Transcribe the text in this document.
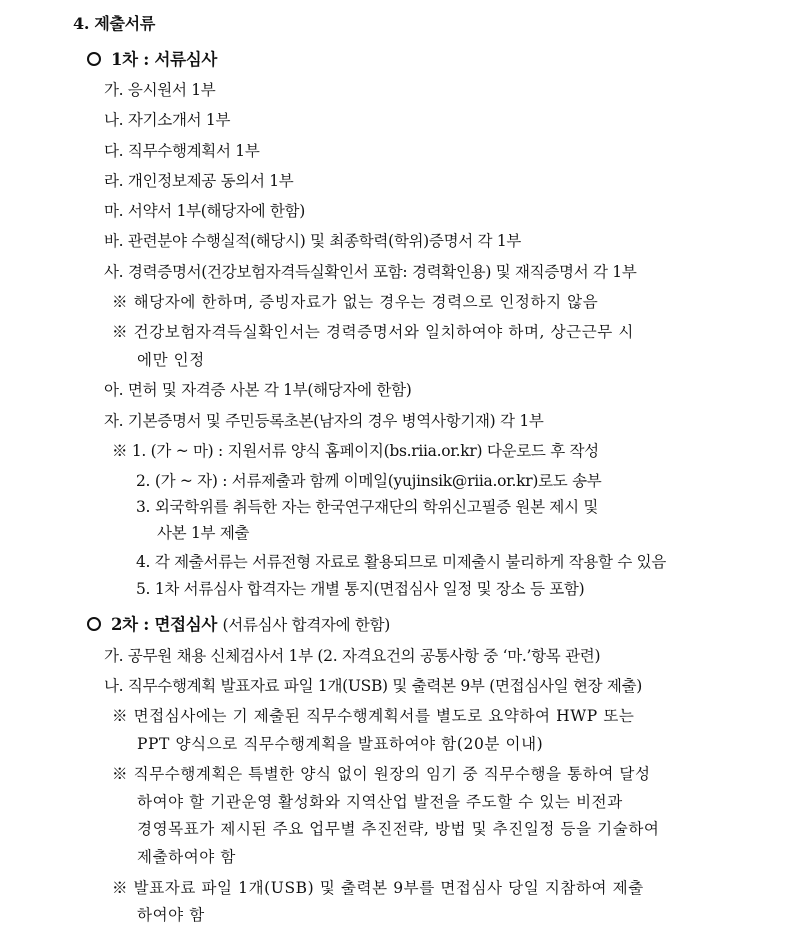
4. 제출서류
1차 : 서류심사
가. 응시원서 1부
나. 자기소개서 1부
다. 직무수행계획서 1부
라. 개인정보제공 동의서 1부
마. 서약서 1부(해당자에 한함)
바. 관련분야 수행실적(해당시) 및 최종학력(학위)증명서 각 1부
사. 경력증명서(건강보험자격득실확인서 포함: 경력확인용) 및 재직증명서 각 1부
※ 해당자에 한하며, 증빙자료가 없는 경우는 경력으로 인정하지 않음
※ 건강보험자격득실확인서는 경력증명서와 일치하여야 하며, 상근근무 시
에만 인정
아. 면허 및 자격증 사본 각 1부(해당자에 한함)
자. 기본증명서 및 주민등록초본(남자의 경우 병역사항기재) 각 1부
※ 1. (가 ~ 마) : 지원서류 양식 홈페이지(bs.riia.or.kr) 다운로드 후 작성
2. (가 ~ 자) : 서류제출과 함께 이메일(yujinsik@riia.or.kr)로도 송부
3. 외국학위를 취득한 자는 한국연구재단의 학위신고필증 원본 제시 및
사본 1부 제출
4. 각 제출서류는 서류전형 자료로 활용되므로 미제출시 불리하게 작용할 수 있음
5. 1차 서류심사 합격자는 개별 통지(면접심사 일정 및 장소 등 포함)
2차 : 면접심사 (서류심사 합격자에 한함)
가. 공무원 채용 신체검사서 1부 (2. 자격요건의 공통사항 중 ‘마.’항목 관련)
나. 직무수행계획 발표자료 파일 1개(USB) 및 출력본 9부 (면접심사일 현장 제출)
※ 면접심사에는 기 제출된 직무수행계획서를 별도로 요약하여 HWP 또는
PPT 양식으로 직무수행계획을 발표하여야 함(20분 이내)
※ 직무수행계획은 특별한 양식 없이 원장의 임기 중 직무수행을 통하여 달성
하여야 할 기관운영 활성화와 지역산업 발전을 주도할 수 있는 비전과
경영목표가 제시된 주요 업무별 추진전략, 방법 및 추진일정 등을 기술하여
제출하여야 함
※ 발표자료 파일 1개(USB) 및 출력본 9부를 면접심사 당일 지참하여 제출
하여야 함
